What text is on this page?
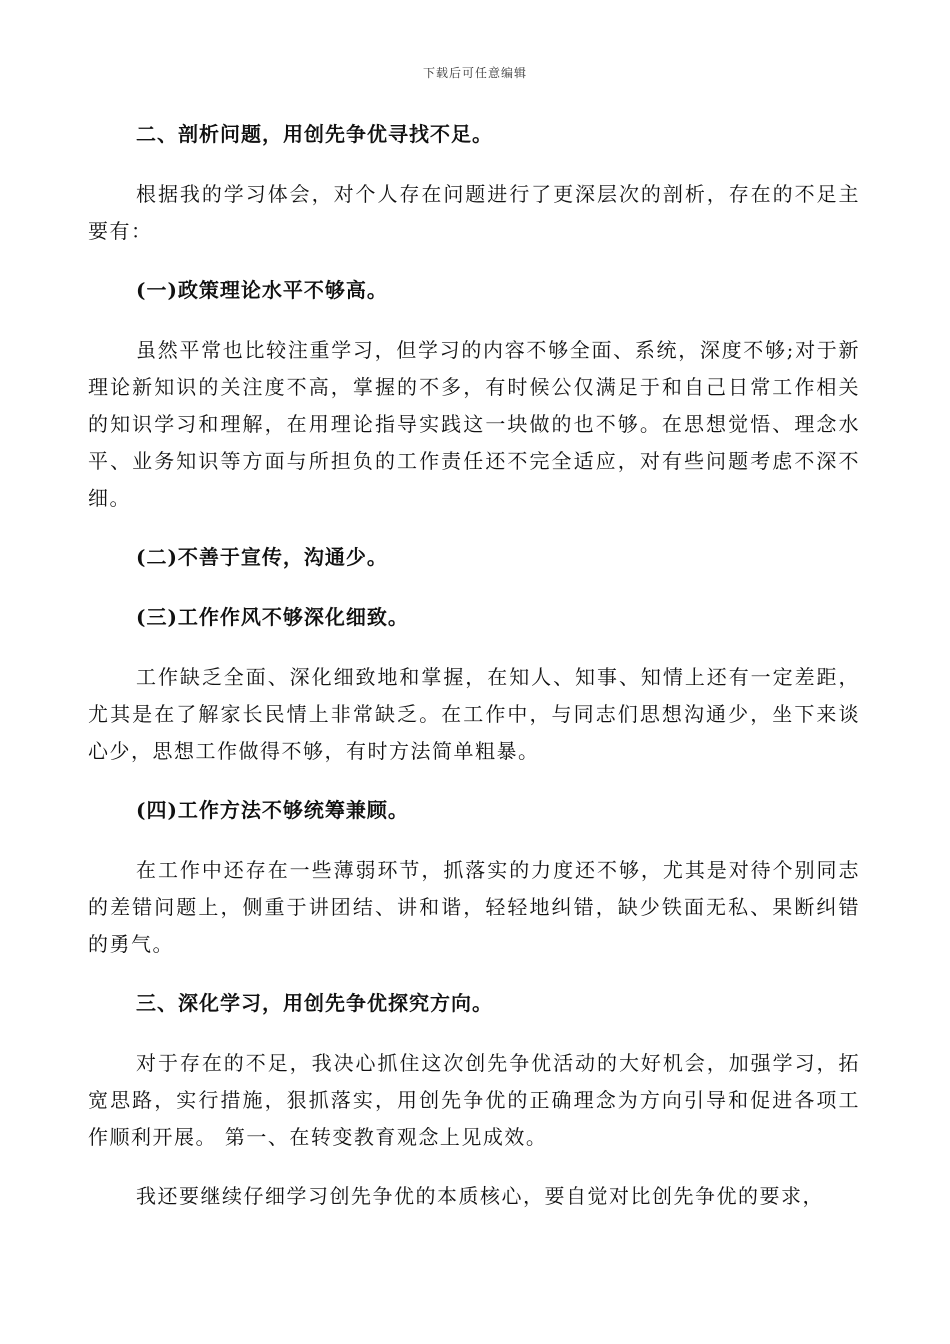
下载后可任意编辑
二、剖析问题，用创先争优寻找不足。
根据我的学习体会，对个人存在问题进行了更深层次的剖析，存在的不足主要有：
(一)政策理论水平不够高。
虽然平常也比较注重学习，但学习的内容不够全面、系统，深度不够;对于新理论新知识的关注度不高，掌握的不多，有时候公仅满足于和自己日常工作相关的知识学习和理解，在用理论指导实践这一块做的也不够。在思想觉悟、理念水平、业务知识等方面与所担负的工作责任还不完全适应，对有些问题考虑不深不细。
(二)不善于宣传，沟通少。
(三)工作作风不够深化细致。
工作缺乏全面、深化细致地和掌握，在知人、知事、知情上还有一定差距，尤其是在了解家长民情上非常缺乏。在工作中，与同志们思想沟通少，坐下来谈心少，思想工作做得不够，有时方法简单粗暴。
(四)工作方法不够统筹兼顾。
在工作中还存在一些薄弱环节，抓落实的力度还不够，尤其是对待个别同志的差错问题上，侧重于讲团结、讲和谐，轻轻地纠错，缺少铁面无私、果断纠错的勇气。
三、深化学习，用创先争优探究方向。
对于存在的不足，我决心抓住这次创先争优活动的大好机会，加强学习，拓宽思路，实行措施，狠抓落实，用创先争优的正确理念为方向引导和促进各项工作顺利开展。 第一、在转变教育观念上见成效。
我还要继续仔细学习创先争优的本质核心，要自觉对比创先争优的要求，
